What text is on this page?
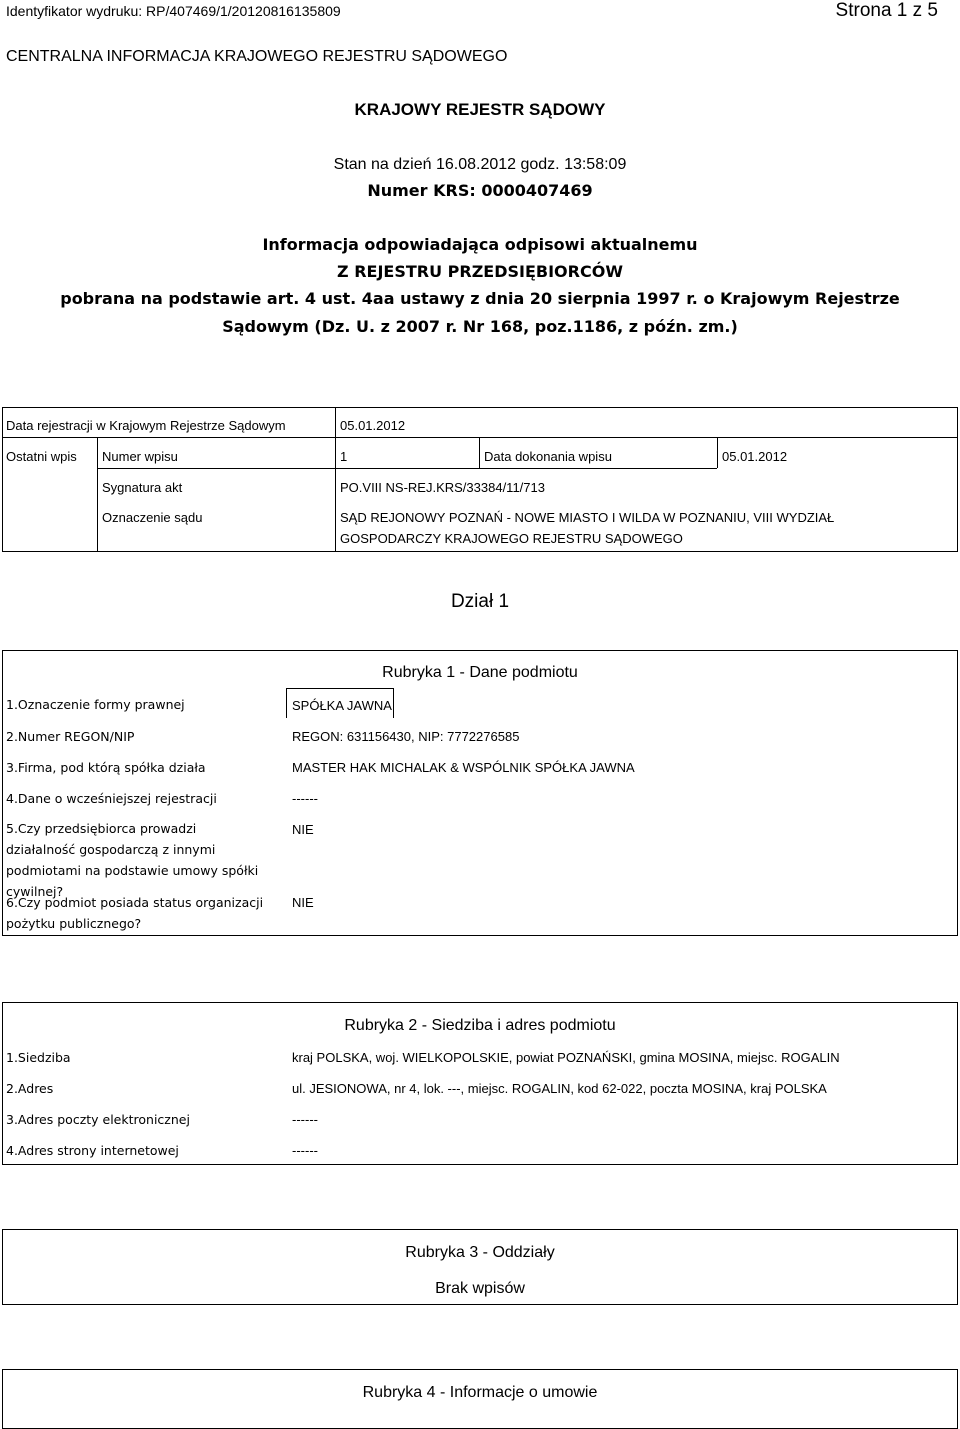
Identyfikator wydruku: RP/407469/1/20120816135809	Strona 1 z 5
CENTRALNA INFORMACJA KRAJOWEGO REJESTRU SĄDOWEGO
KRAJOWY REJESTR SĄDOWY
Stan na dzień 16.08.2012 godz. 13:58:09
Numer KRS: 0000407469
Informacja odpowiadająca odpisowi aktualnemu
Z REJESTRU PRZEDSIĘBIORCÓW
pobrana na podstawie art. 4 ust. 4aa ustawy z dnia 20 sierpnia 1997 r. o Krajowym Rejestrze
Sądowym (Dz. U. z 2007 r. Nr 168, poz.1186, z późn. zm.)
Data rejestracji w Krajowym Rejestrze Sądowym	05.01.2012
Ostatni wpis Numer wpisu	1	Data dokonania wpisu	05.01.2012
Sygnatura akt	PO.VIII NS-REJ.KRS/33384/11/713
Oznaczenie sądu	SĄD REJONOWY POZNAŃ - NOWE MIASTO I WILDA W POZNANIU, VIII WYDZIAŁ
GOSPODARCZY KRAJOWEGO REJESTRU SĄDOWEGO
Dział 1
Rubryka 1 - Dane podmiotu
1.Oznaczenie formy prawnej	SPÓŁKA JAWNA
2.Numer REGON/NIP	REGON: 631156430, NIP: 7772276585
3.Firma, pod którą spółka działa	MASTER HAK MICHALAK & WSPÓLNIK SPÓŁKA JAWNA
4.Dane o wcześniejszej rejestracji	------
5.Czy przedsiębiorca prowadzi działalność gospodarczą z innymi podmiotami na podstawie umowy spółki cywilnej?
NIE
6.Czy podmiot posiada status organizacji pożytku publicznego?
NIE
Rubryka 2 - Siedziba i adres podmiotu
1.Siedziba	kraj POLSKA, woj. WIELKOPOLSKIE, powiat POZNAŃSKI, gmina MOSINA, miejsc. ROGALIN
2.Adres	ul. JESIONOWA, nr 4, lok. ---, miejsc. ROGALIN, kod 62-022, poczta MOSINA, kraj POLSKA
3.Adres poczty elektronicznej	------
4.Adres strony internetowej	------
Rubryka 3 - Oddziały
Brak wpisów
Rubryka 4 - Informacje o umowie
